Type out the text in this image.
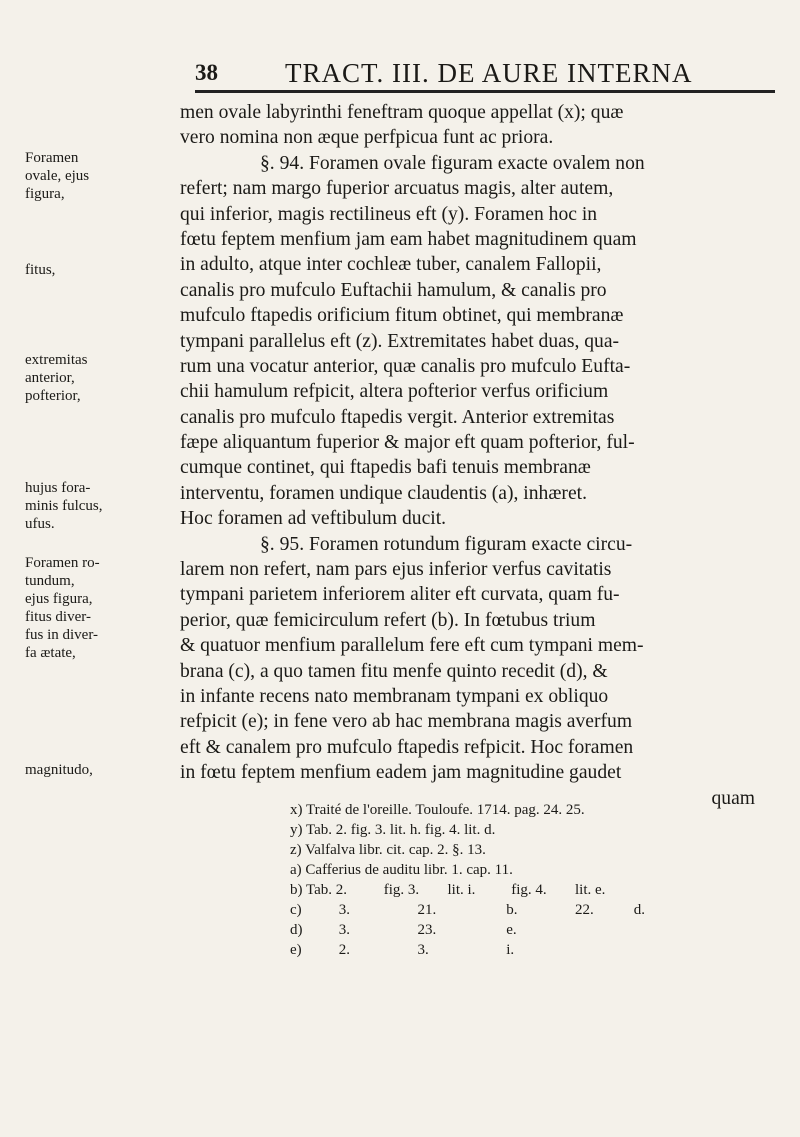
38 TRACT. III. DE AURE INTERNA
Foramen
ovale, ejus
figura,
fitus,
extremitas
anterior,
pofterior,
hujus fora-
minis fulcus,
ufus.
Foramen ro-
tundum,
ejus figura,
fitus diver-
fus in diver-
fa ætate,
magnitudo,
men ovale labyrinthi feneftram quoque appellat (x); quæ
vero nomina non æque perfpicua funt ac priora.
§. 94. Foramen ovale figuram exacte ovalem non
refert; nam margo fuperior arcuatus magis, alter autem,
qui inferior, magis rectilineus eft (y). Foramen hoc in
fœtu feptem menfium jam eam habet magnitudinem quam
in adulto, atque inter cochleæ tuber, canalem Fallopii,
canalis pro mufculo Euftachii hamulum, & canalis pro
mufculo ftapedis orificium fitum obtinet, qui membranæ
tympani parallelus eft (z). Extremitates habet duas, qua-
rum una vocatur anterior, quæ canalis pro mufculo Eufta-
chii hamulum refpicit, altera pofterior verfus orificium
canalis pro mufculo ftapedis vergit. Anterior extremitas
fæpe aliquantum fuperior & major eft quam pofterior, ful-
cumque continet, qui ftapedis bafi tenuis membranæ
interventu, foramen undique claudentis (a), inhæret.
Hoc foramen ad veftibulum ducit.
§. 95. Foramen rotundum figuram exacte circu-
larem non refert, nam pars ejus inferior verfus cavitatis
tympani parietem inferiorem aliter eft curvata, quam fu-
perior, quæ femicirculum refert (b). In fœtubus trium
& quatuor menfium parallelum fere eft cum tympani mem-
brana (c), a quo tamen fitu menfe quinto recedit (d), &
in infante recens nato membranam tympani ex obliquo
refpicit (e); in fene vero ab hac membrana magis averfum
eft & canalem pro mufculo ftapedis refpicit. Hoc foramen
in fœtu feptem menfium eadem jam magnitudine gaudet
quam
x) Traité de l'oreille. Touloufe. 1714. pag. 24. 25.
y) Tab. 2. fig. 3. lit. h. fig. 4. lit. d.
z) Valfalva libr. cit. cap. 2. §. 13.
a) Cafferius de auditu libr. 1. cap. 11.
b) Tab. 2. fig. 3. lit. i. fig. 4. lit. e.
c) 3.	21.	b.	22.	d.
d) 3.	23.	e.
e) 2.	3.	i.
